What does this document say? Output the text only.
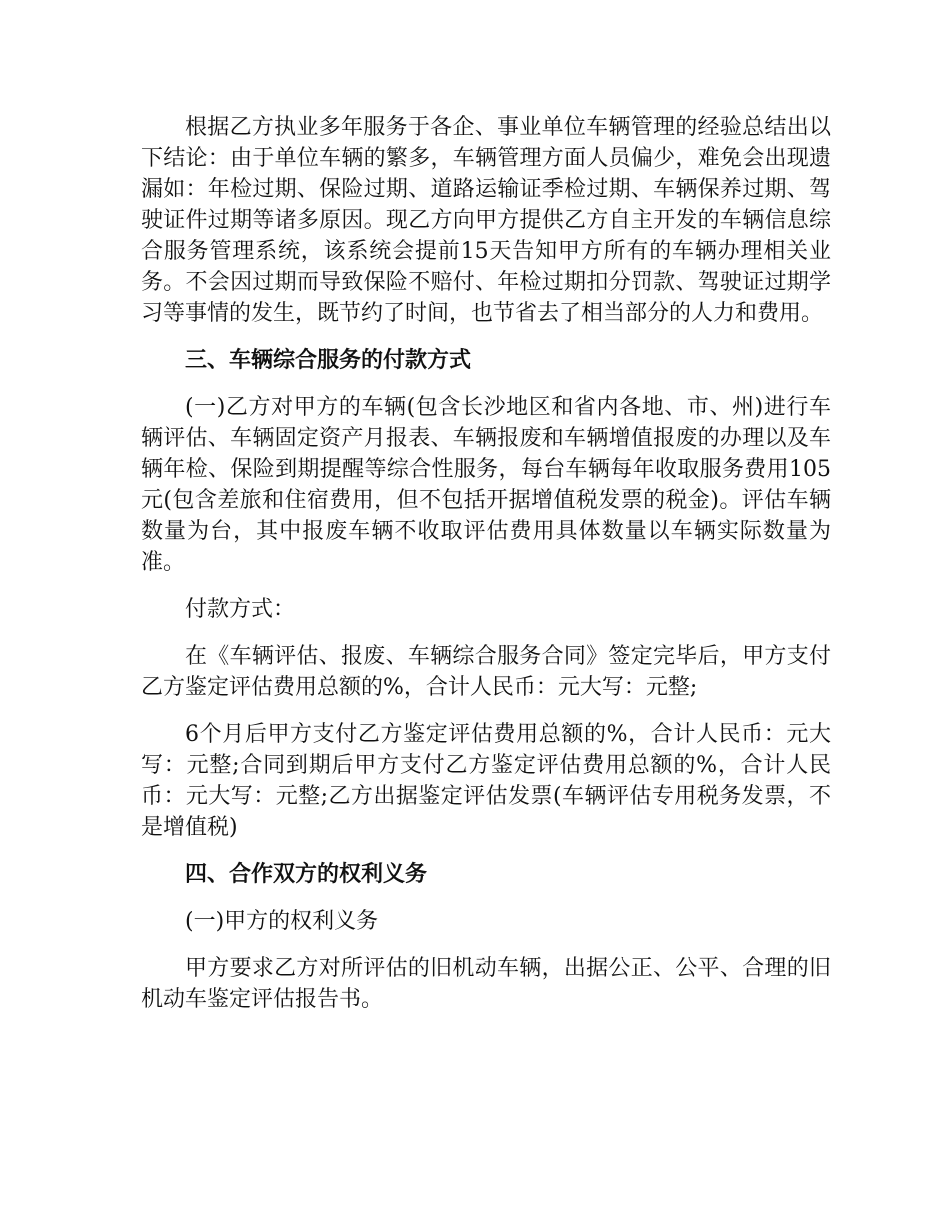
根据乙方执业多年服务于各企、事业单位车辆管理的经验总结出以下结论：由于单位车辆的繁多，车辆管理方面人员偏少，难免会出现遗漏如：年检过期、保险过期、道路运输证季检过期、车辆保养过期、驾驶证件过期等诸多原因。现乙方向甲方提供乙方自主开发的车辆信息综合服务管理系统，该系统会提前15天告知甲方所有的车辆办理相关业务。不会因过期而导致保险不赔付、年检过期扣分罚款、驾驶证过期学习等事情的发生，既节约了时间，也节省去了相当部分的人力和费用。

三、车辆综合服务的付款方式

(一)乙方对甲方的车辆(包含长沙地区和省内各地、市、州)进行车辆评估、车辆固定资产月报表、车辆报废和车辆增值报废的办理以及车辆年检、保险到期提醒等综合性服务，每台车辆每年收取服务费用105元(包含差旅和住宿费用，但不包括开据增值税发票的税金)。评估车辆数量为台，其中报废车辆不收取评估费用具体数量以车辆实际数量为准。

付款方式：

在《车辆评估、报废、车辆综合服务合同》签定完毕后，甲方支付乙方鉴定评估费用总额的%，合计人民币：元大写：元整;

6个月后甲方支付乙方鉴定评估费用总额的%，合计人民币：元大写：元整;合同到期后甲方支付乙方鉴定评估费用总额的%，合计人民币：元大写：元整;乙方出据鉴定评估发票(车辆评估专用税务发票，不是增值税)

四、合作双方的权利义务

(一)甲方的权利义务

甲方要求乙方对所评估的旧机动车辆，出据公正、公平、合理的旧机动车鉴定评估报告书。
